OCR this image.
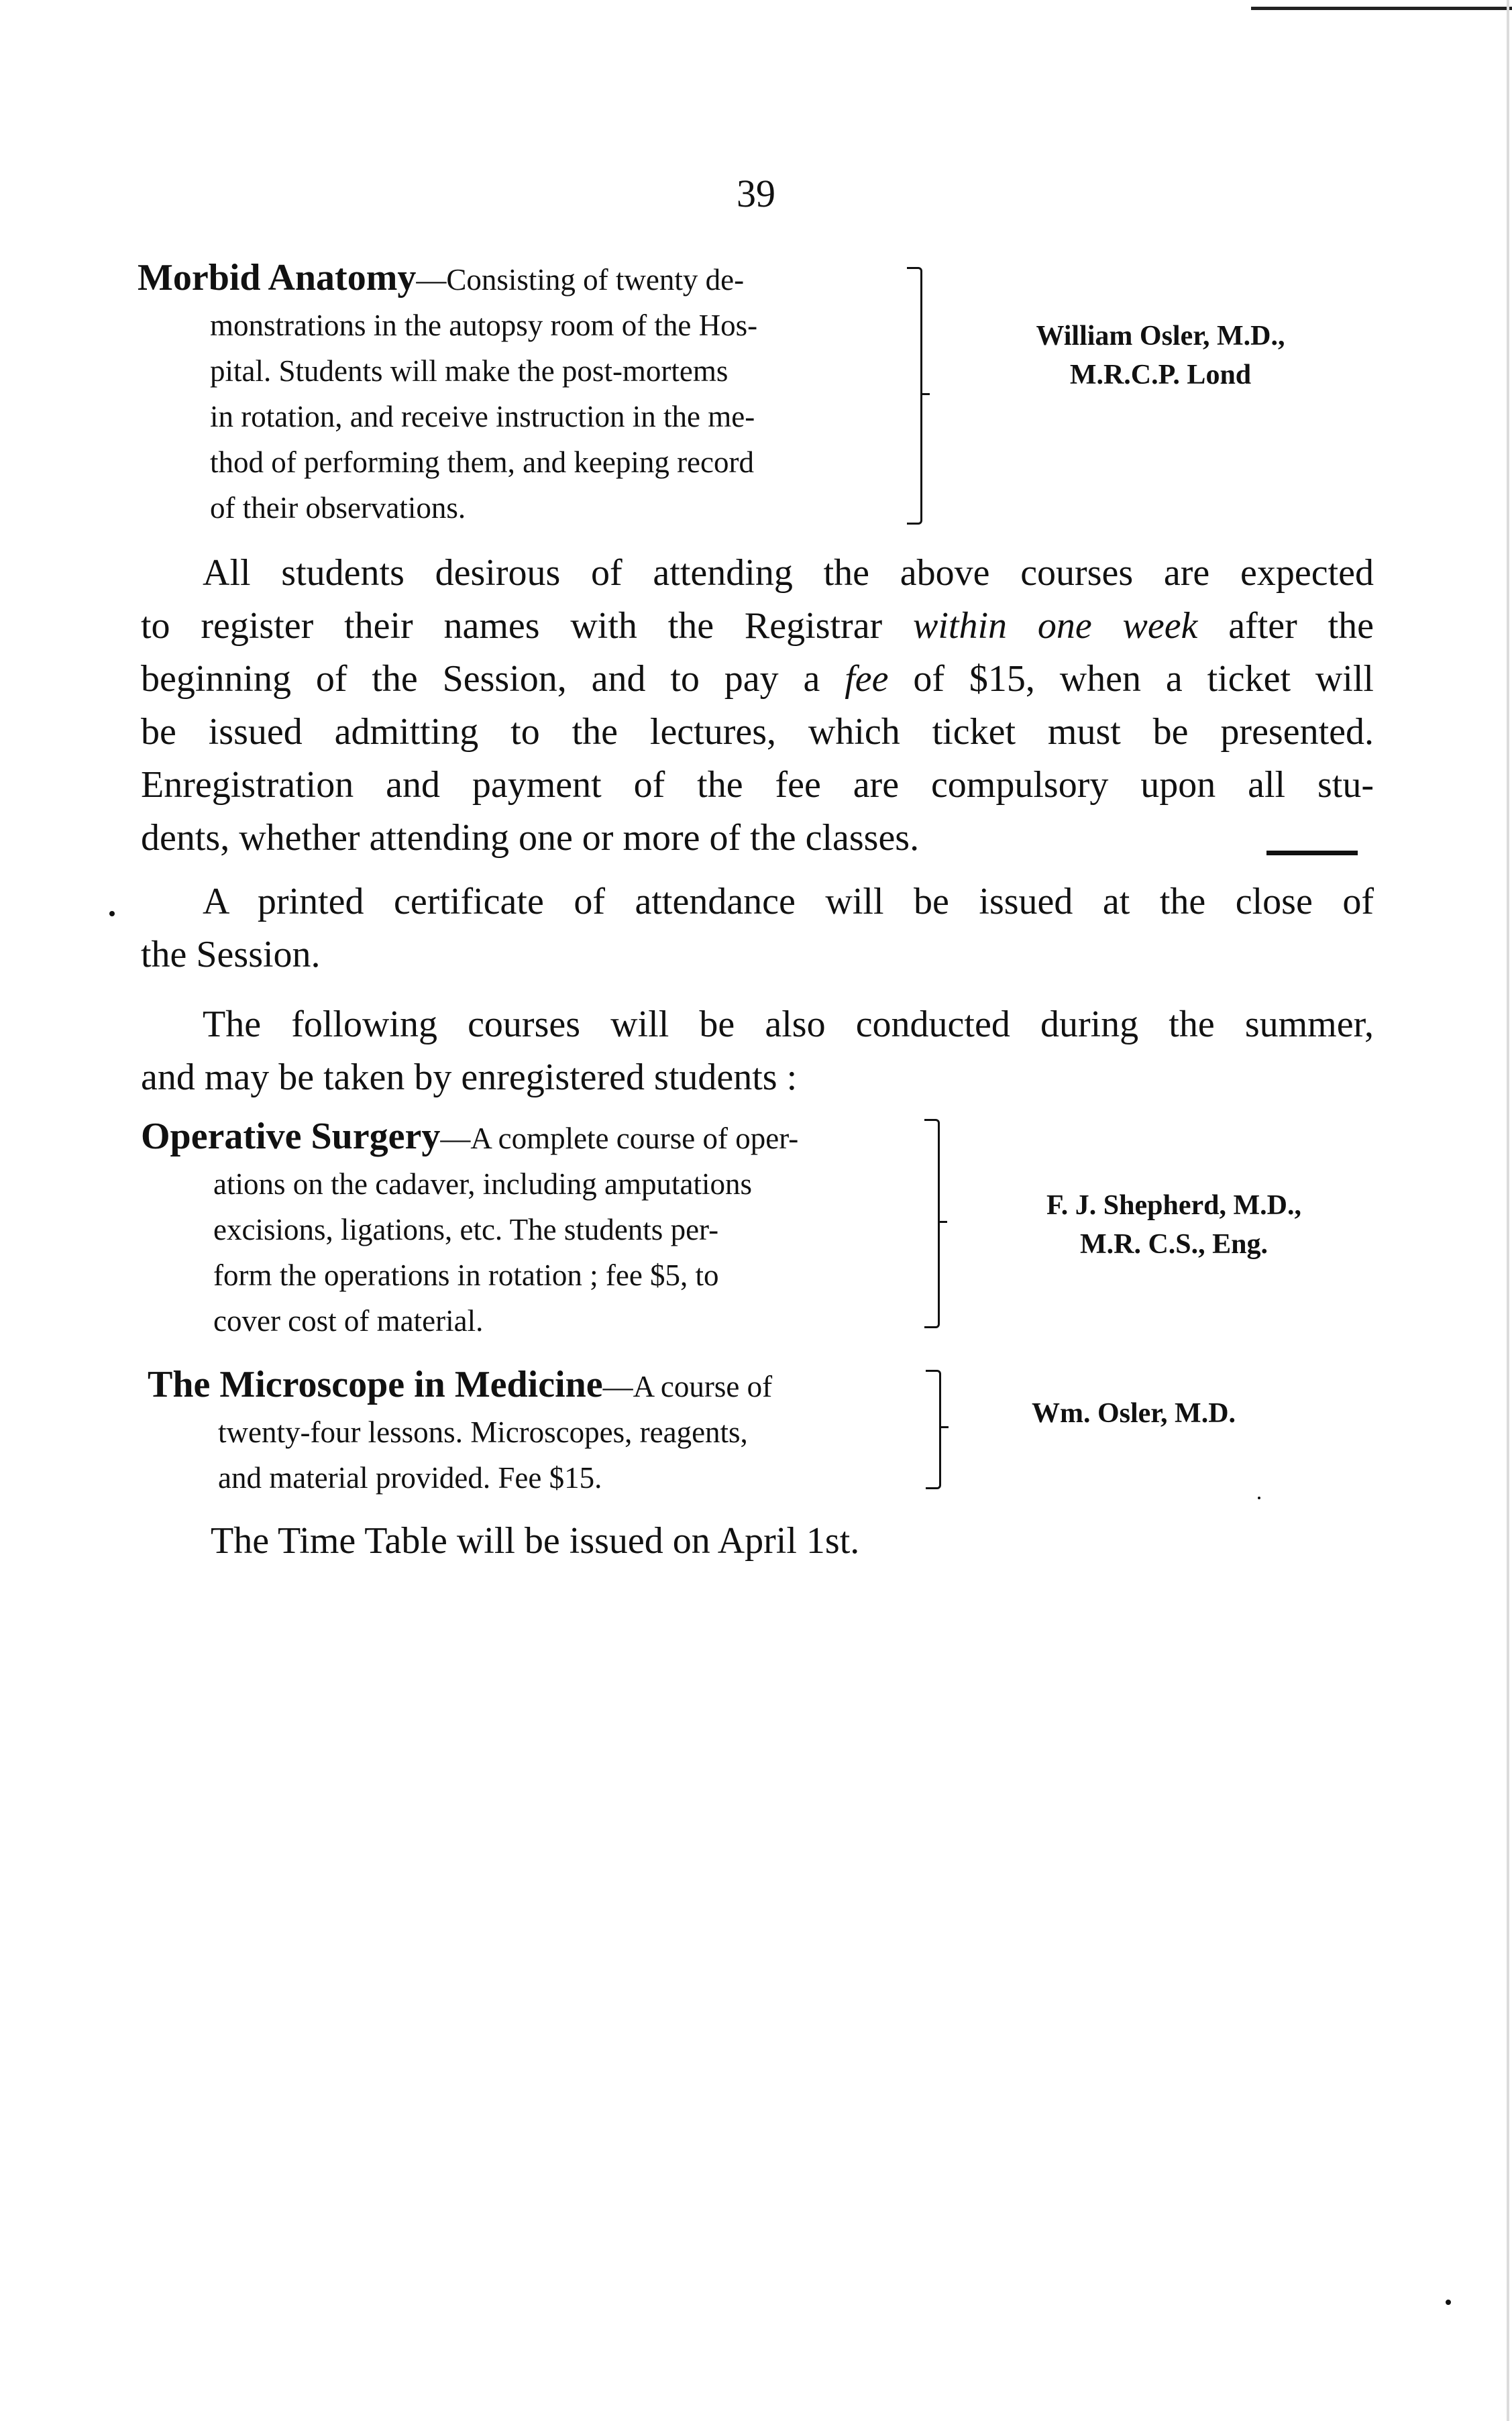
39
Morbid Anatomy—Consisting of twenty de-
monstrations in the autopsy room of the Hos-
pital. Students will make the post-mortems
in rotation, and receive instruction in the me-
thod of performing them, and keeping record
of their observations.
William Osler, M.D.,
M.R.C.P. Lond
All students desirous of attending the above courses are expected
to register their names with the Registrar within one week after the
beginning of the Session, and to pay a fee of $15, when a ticket will
be issued admitting to the lectures, which ticket must be presented.
Enregistration and payment of the fee are compulsory upon all stu-
dents, whether attending one or more of the classes.
A printed certificate of attendance will be issued at the close of
the Session.
The following courses will be also conducted during the summer,
and may be taken by enregistered students :
Operative Surgery—A complete course of oper-
ations on the cadaver, including amputations
excisions, ligations, etc. The students per-
form the operations in rotation ; fee $5, to
cover cost of material.
F. J. Shepherd, M.D.,
M.R. C.S., Eng.
The Microscope in Medicine—A course of
twenty-four lessons. Microscopes, reagents,
and material provided. Fee $15.
Wm. Osler, M.D.
The Time Table will be issued on April 1st.
